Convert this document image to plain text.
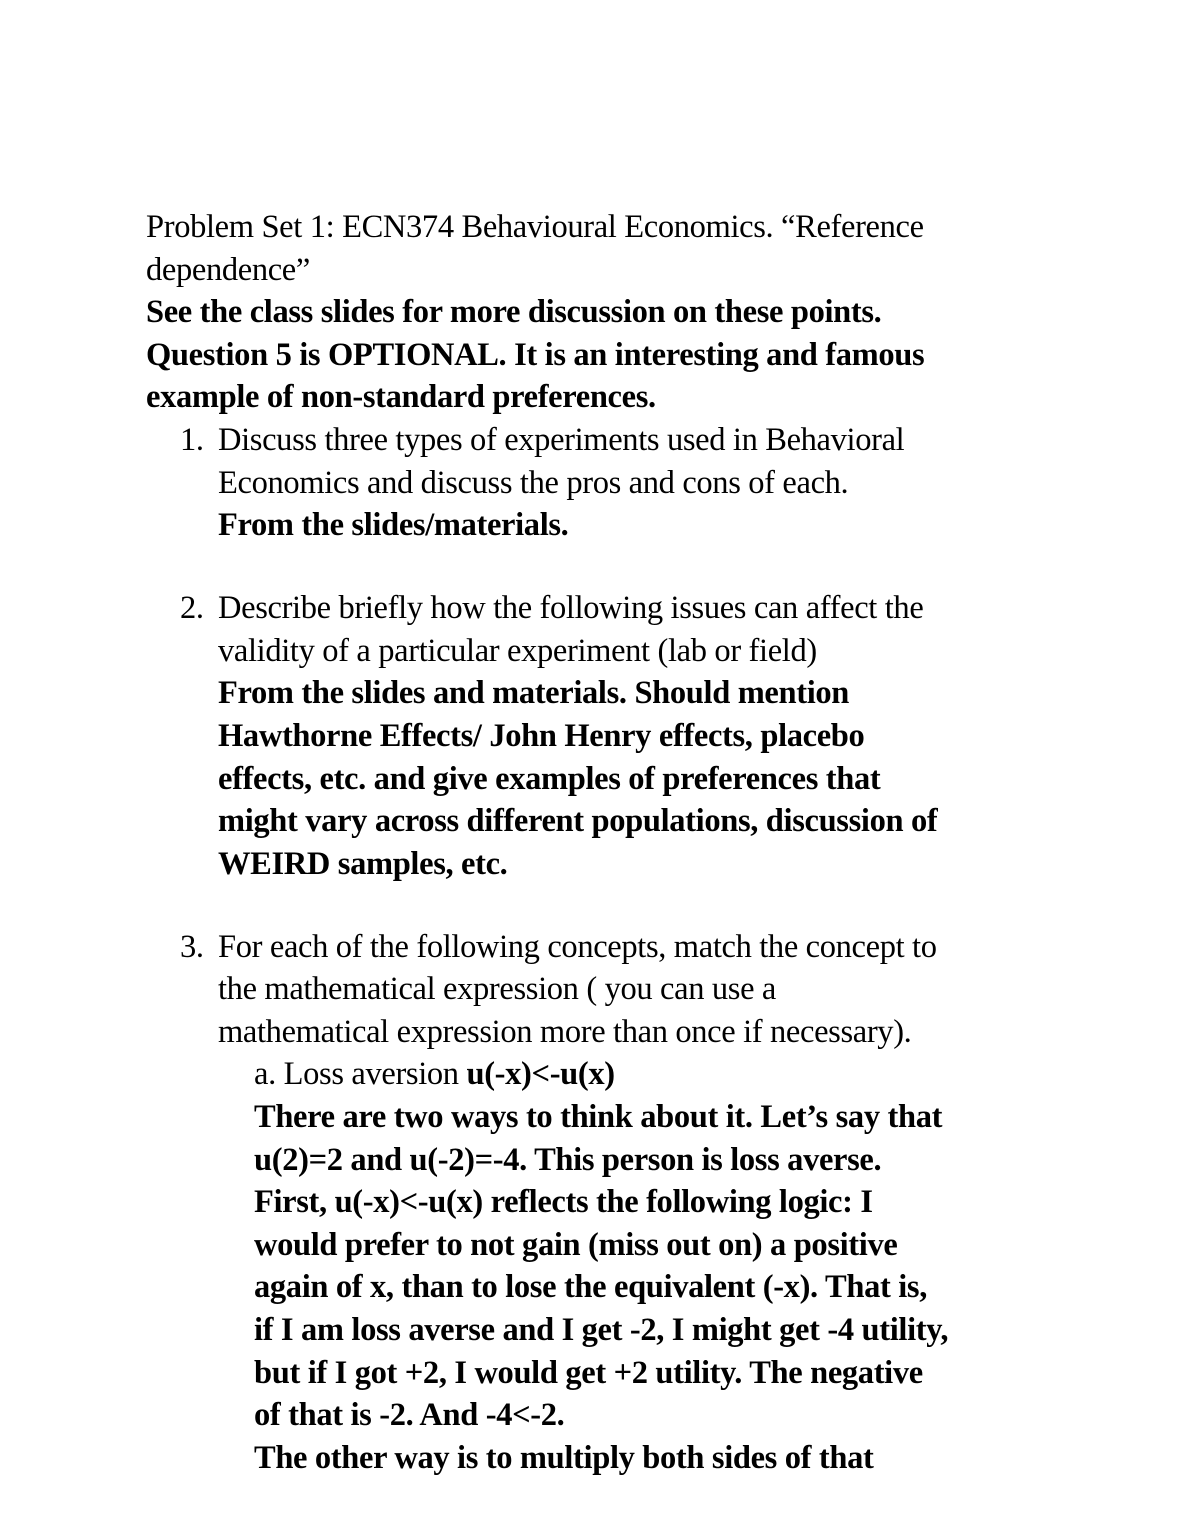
Problem Set 1: ECN374 Behavioural Economics. “Reference
dependence”
See the class slides for more discussion on these points.
Question 5 is OPTIONAL. It is an interesting and famous
example of non-standard preferences.
1. Discuss three types of experiments used in Behavioral
Economics and discuss the pros and cons of each.
From the slides/materials.
2. Describe briefly how the following issues can affect the
validity of a particular experiment (lab or field)
From the slides and materials. Should mention
Hawthorne Effects/ John Henry effects, placebo
effects, etc. and give examples of preferences that
might vary across different populations, discussion of
WEIRD samples, etc.
3. For each of the following concepts, match the concept to
the mathematical expression ( you can use a
mathematical expression more than once if necessary).
a. Loss aversion u(-x)<-u(x)
There are two ways to think about it. Let’s say that
u(2)=2 and u(-2)=-4. This person is loss averse.
First, u(-x)<-u(x) reflects the following logic: I
would prefer to not gain (miss out on) a positive
again of x, than to lose the equivalent (-x). That is,
if I am loss averse and I get -2, I might get -4 utility,
but if I got +2, I would get +2 utility. The negative
of that is -2. And -4<-2.
The other way is to multiply both sides of that
